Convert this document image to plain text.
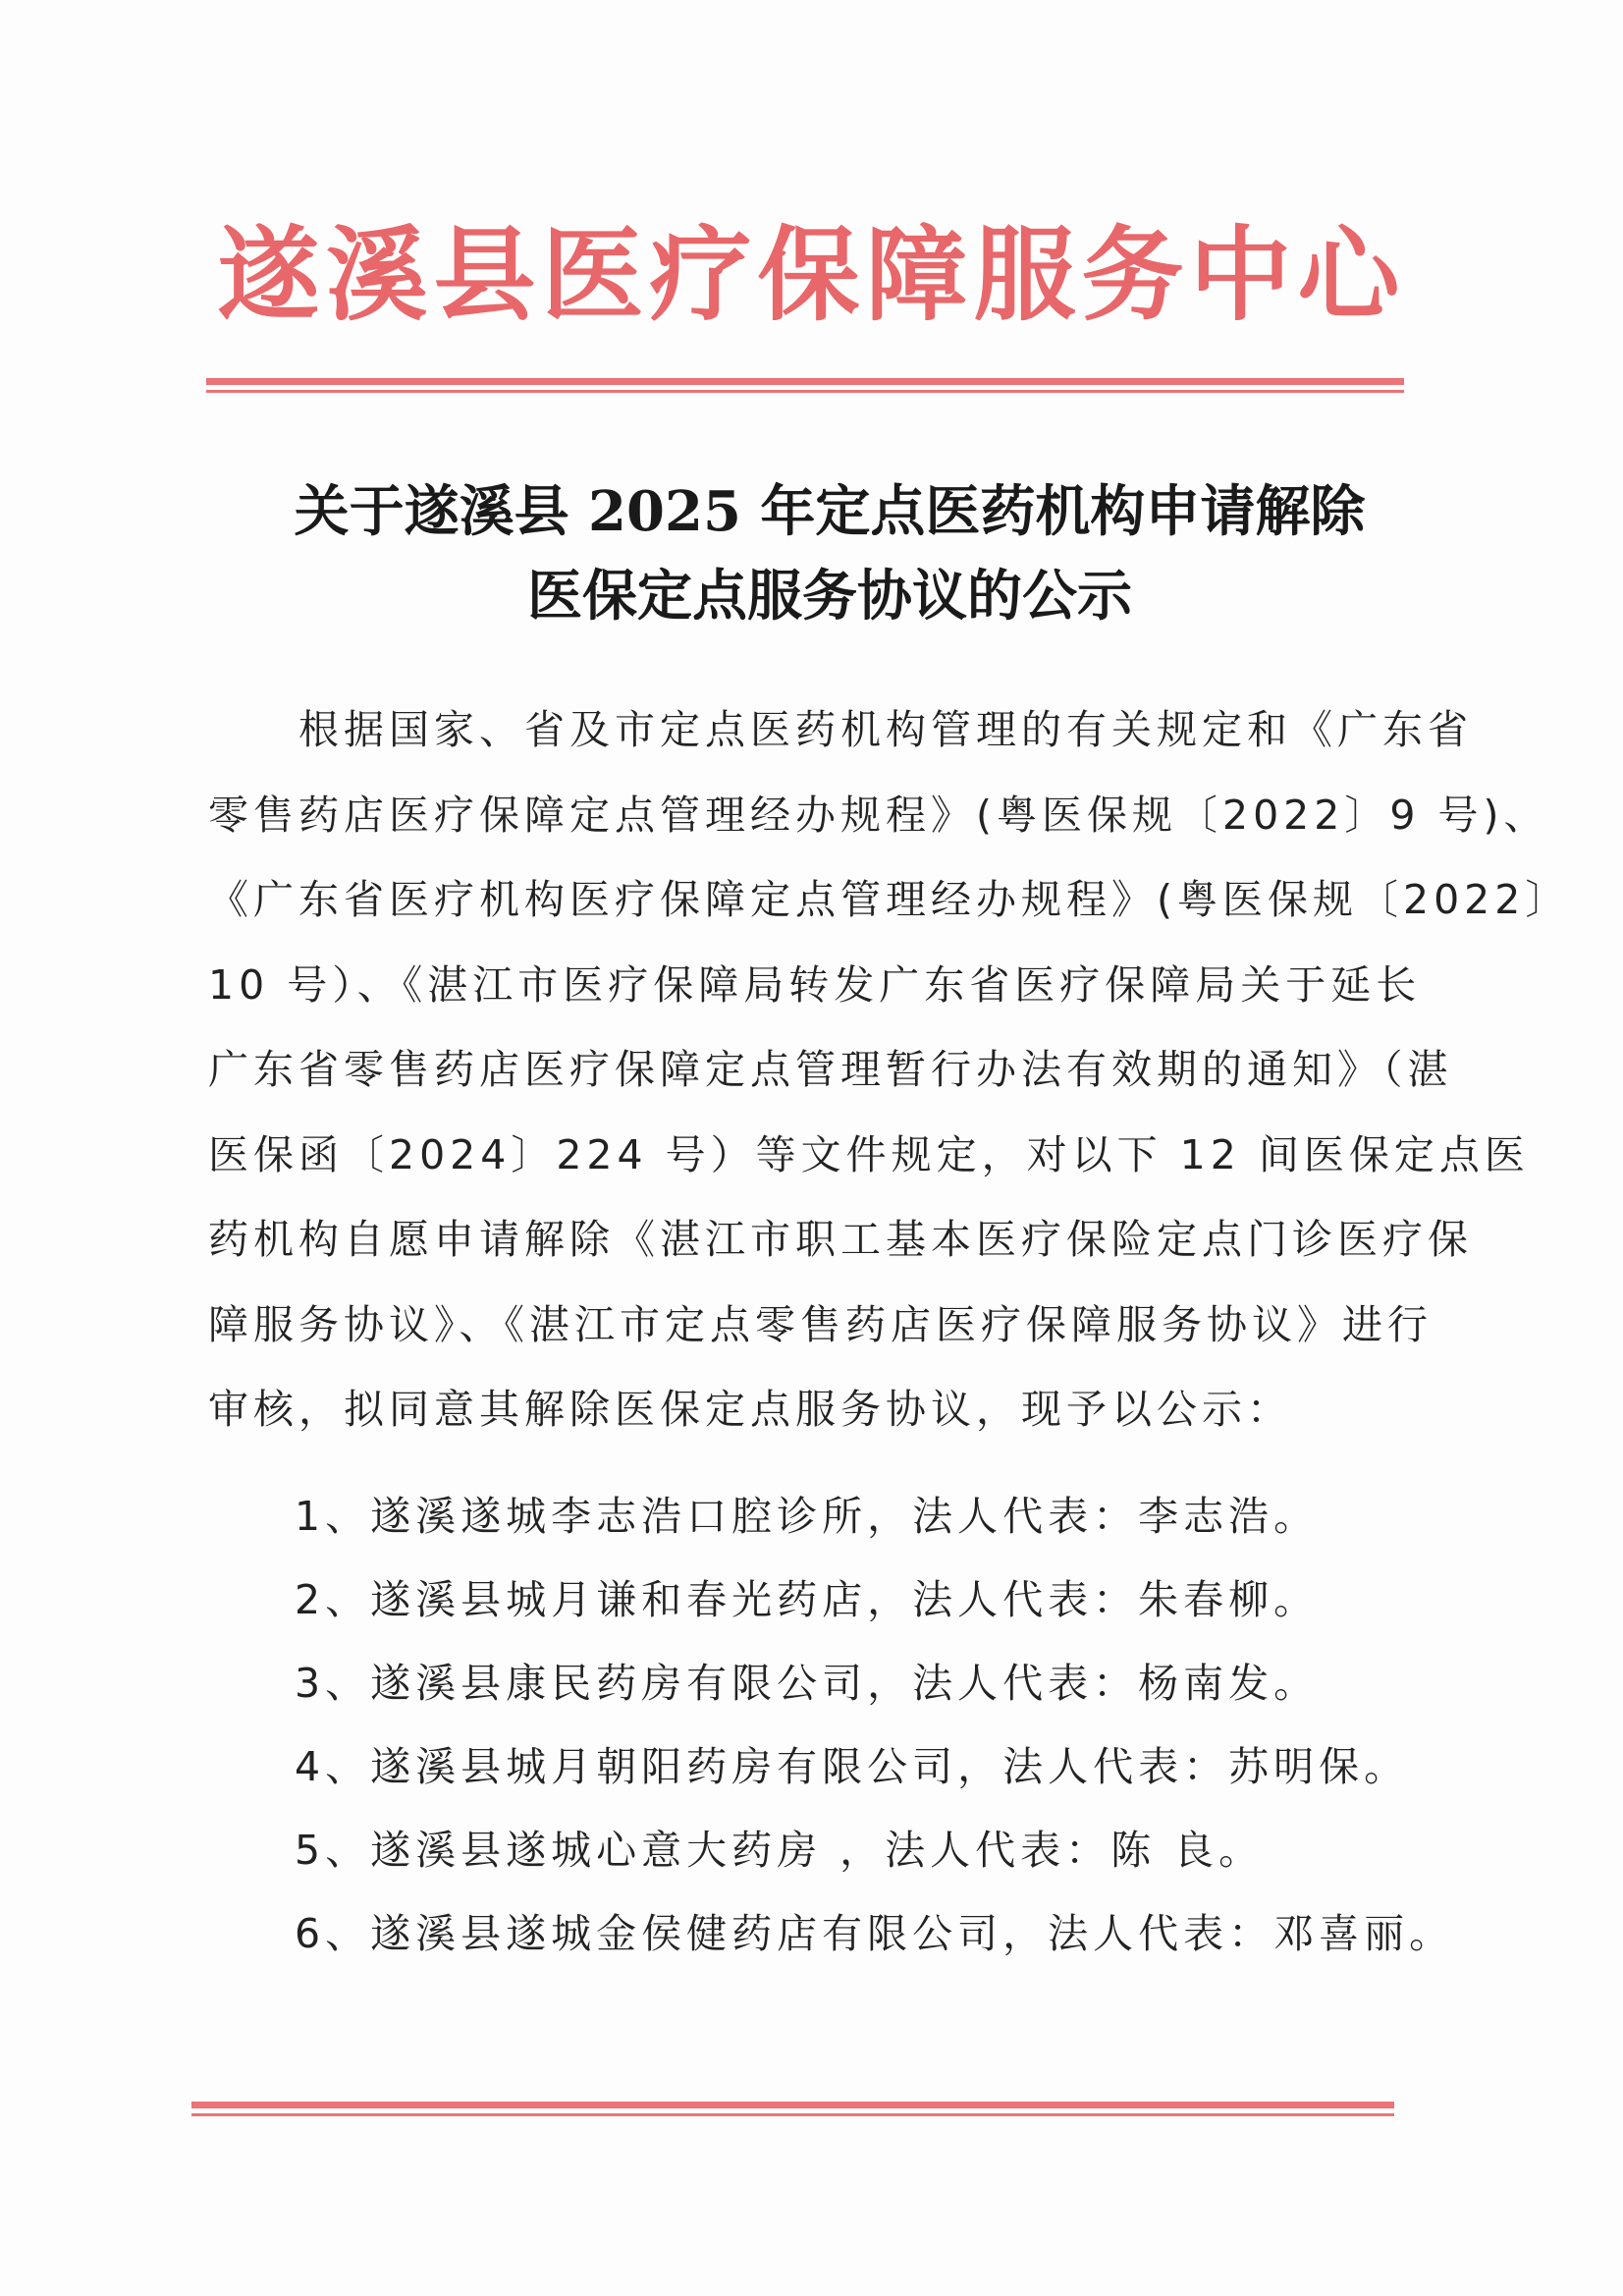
遂溪县医疗保障服务中心
关于遂溪县 2025 年定点医药机构申请解除
医保定点服务协议的公示
根据国家、省及市定点医药机构管理的有关规定和《广东省
零售药店医疗保障定点管理经办规程》(粤医保规〔2022〕9 号)、
《广东省医疗机构医疗保障定点管理经办规程》(粤医保规〔2022〕
10 号）、《湛江市医疗保障局转发广东省医疗保障局关于延长
广东省零售药店医疗保障定点管理暂行办法有效期的通知》（湛
医保函〔2024〕224 号）等文件规定，对以下 12 间医保定点医
药机构自愿申请解除《湛江市职工基本医疗保险定点门诊医疗保
障服务协议》、《湛江市定点零售药店医疗保障服务协议》进行
审核，拟同意其解除医保定点服务协议，现予以公示：
1、遂溪遂城李志浩口腔诊所，法人代表：李志浩。
2、遂溪县城月谦和春光药店，法人代表：朱春柳。
3、遂溪县康民药房有限公司，法人代表：杨南发。
4、遂溪县城月朝阳药房有限公司，法人代表：苏明保。
5、遂溪县遂城心意大药房 ，法人代表：陈 良。
6、遂溪县遂城金侯健药店有限公司，法人代表：邓喜丽。
